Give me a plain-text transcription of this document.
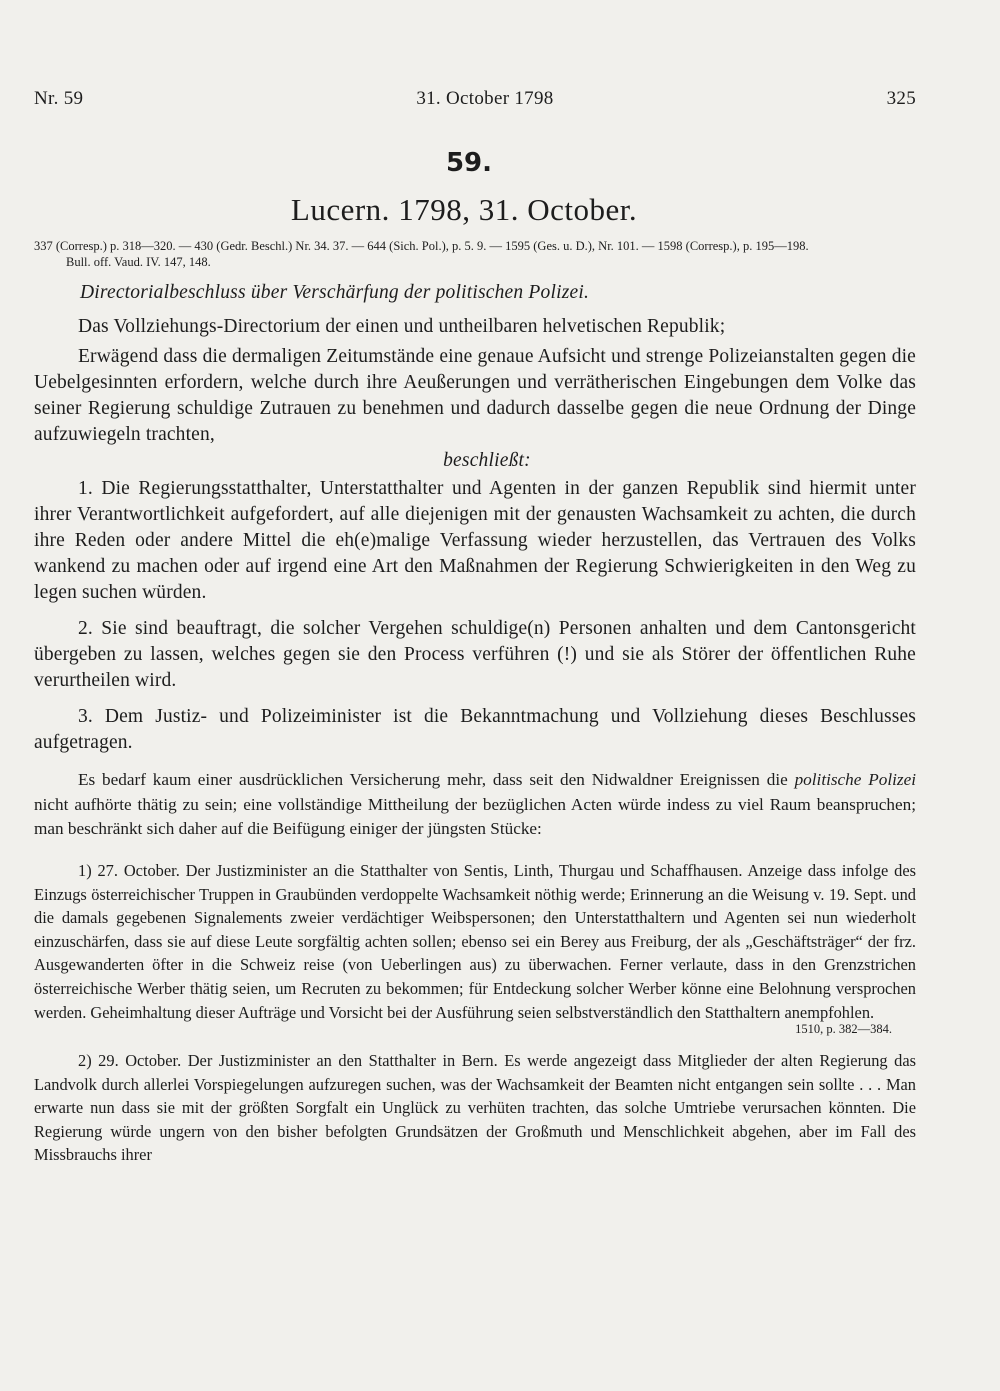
Nr. 59	31. October 1798	325
59.
Lucern. 1798, 31. October.
337 (Corresp.) p. 318—320. — 430 (Gedr. Beschl.) Nr. 34. 37. — 644 (Sich. Pol.), p. 5. 9. — 1595 (Ges. u. D.), Nr. 101. — 1598 (Corresp.), p. 195—198.
Bull. off. Vaud. IV. 147, 148.
Directorialbeschluss über Verschärfung der politischen Polizei.

Das Vollziehungs-Directorium der einen und untheilbaren helvetischen Republik;

Erwägend dass die dermaligen Zeitumstände eine genaue Aufsicht und strenge Polizeianstalten gegen die Uebelgesinnten erfordern, welche durch ihre Aeußerungen und verrätherischen Eingebungen dem Volke das seiner Regierung schuldige Zutrauen zu benehmen und dadurch dasselbe gegen die neue Ordnung der Dinge aufzuwiegeln trachten,

beschließt:

1. Die Regierungsstatthalter, Unterstatthalter und Agenten in der ganzen Republik sind hiermit unter ihrer Verantwortlichkeit aufgefordert, auf alle diejenigen mit der genausten Wachsamkeit zu achten, die durch ihre Reden oder andere Mittel die eh(e)malige Verfassung wieder herzustellen, das Vertrauen des Volks wankend zu machen oder auf irgend eine Art den Maßnahmen der Regierung Schwierigkeiten in den Weg zu legen suchen würden.

2. Sie sind beauftragt, die solcher Vergehen schuldige(n) Personen anhalten und dem Cantonsgericht übergeben zu lassen, welches gegen sie den Process verführen (!) und sie als Störer der öffentlichen Ruhe verurtheilen wird.

3. Dem Justiz- und Polizeiminister ist die Bekanntmachung und Vollziehung dieses Beschlusses aufgetragen.

Es bedarf kaum einer ausdrücklichen Versicherung mehr, dass seit den Nidwaldner Ereignissen die politische Polizei nicht aufhörte thätig zu sein; eine vollständige Mittheilung der bezüglichen Acten würde indess zu viel Raum beanspruchen; man beschränkt sich daher auf die Beifügung einiger der jüngsten Stücke:

1) 27. October. Der Justizminister an die Statthalter von Sentis, Linth, Thurgau und Schaffhausen. Anzeige dass infolge des Einzugs österreichischer Truppen in Graubünden verdoppelte Wachsamkeit nöthig werde; Erinnerung an die Weisung v. 19. Sept. und die damals gegebenen Signalements zweier verdächtiger Weibspersonen; den Unterstatthaltern und Agenten sei nun wiederholt einzuschärfen, dass sie auf diese Leute sorgfältig achten sollen; ebenso sei ein Berey aus Freiburg, der als „Geschäftsträger“ der frz. Ausgewanderten öfter in die Schweiz reise (von Ueberlingen aus) zu überwachen. Ferner verlaute, dass in den Grenzstrichen österreichische Werber thätig seien, um Recruten zu bekommen; für Entdeckung solcher Werber könne eine Belohnung versprochen werden. Geheimhaltung dieser Aufträge und Vorsicht bei der Ausführung seien selbstverständlich den Statthaltern anempfohlen.

1510, p. 382—384.

2) 29. October. Der Justizminister an den Statthalter in Bern. Es werde angezeigt dass Mitglieder der alten Regierung das Landvolk durch allerlei Vorspiegelungen aufzuregen suchen, was der Wachsamkeit der Beamten nicht entgangen sein sollte . . . Man erwarte nun dass sie mit der größten Sorgfalt ein Unglück zu verhüten trachten, das solche Umtriebe verursachen könnten. Die Regierung würde ungern von den bisher befolgten Grundsätzen der Großmuth und Menschlichkeit abgehen, aber im Fall des Missbrauchs ihrer
